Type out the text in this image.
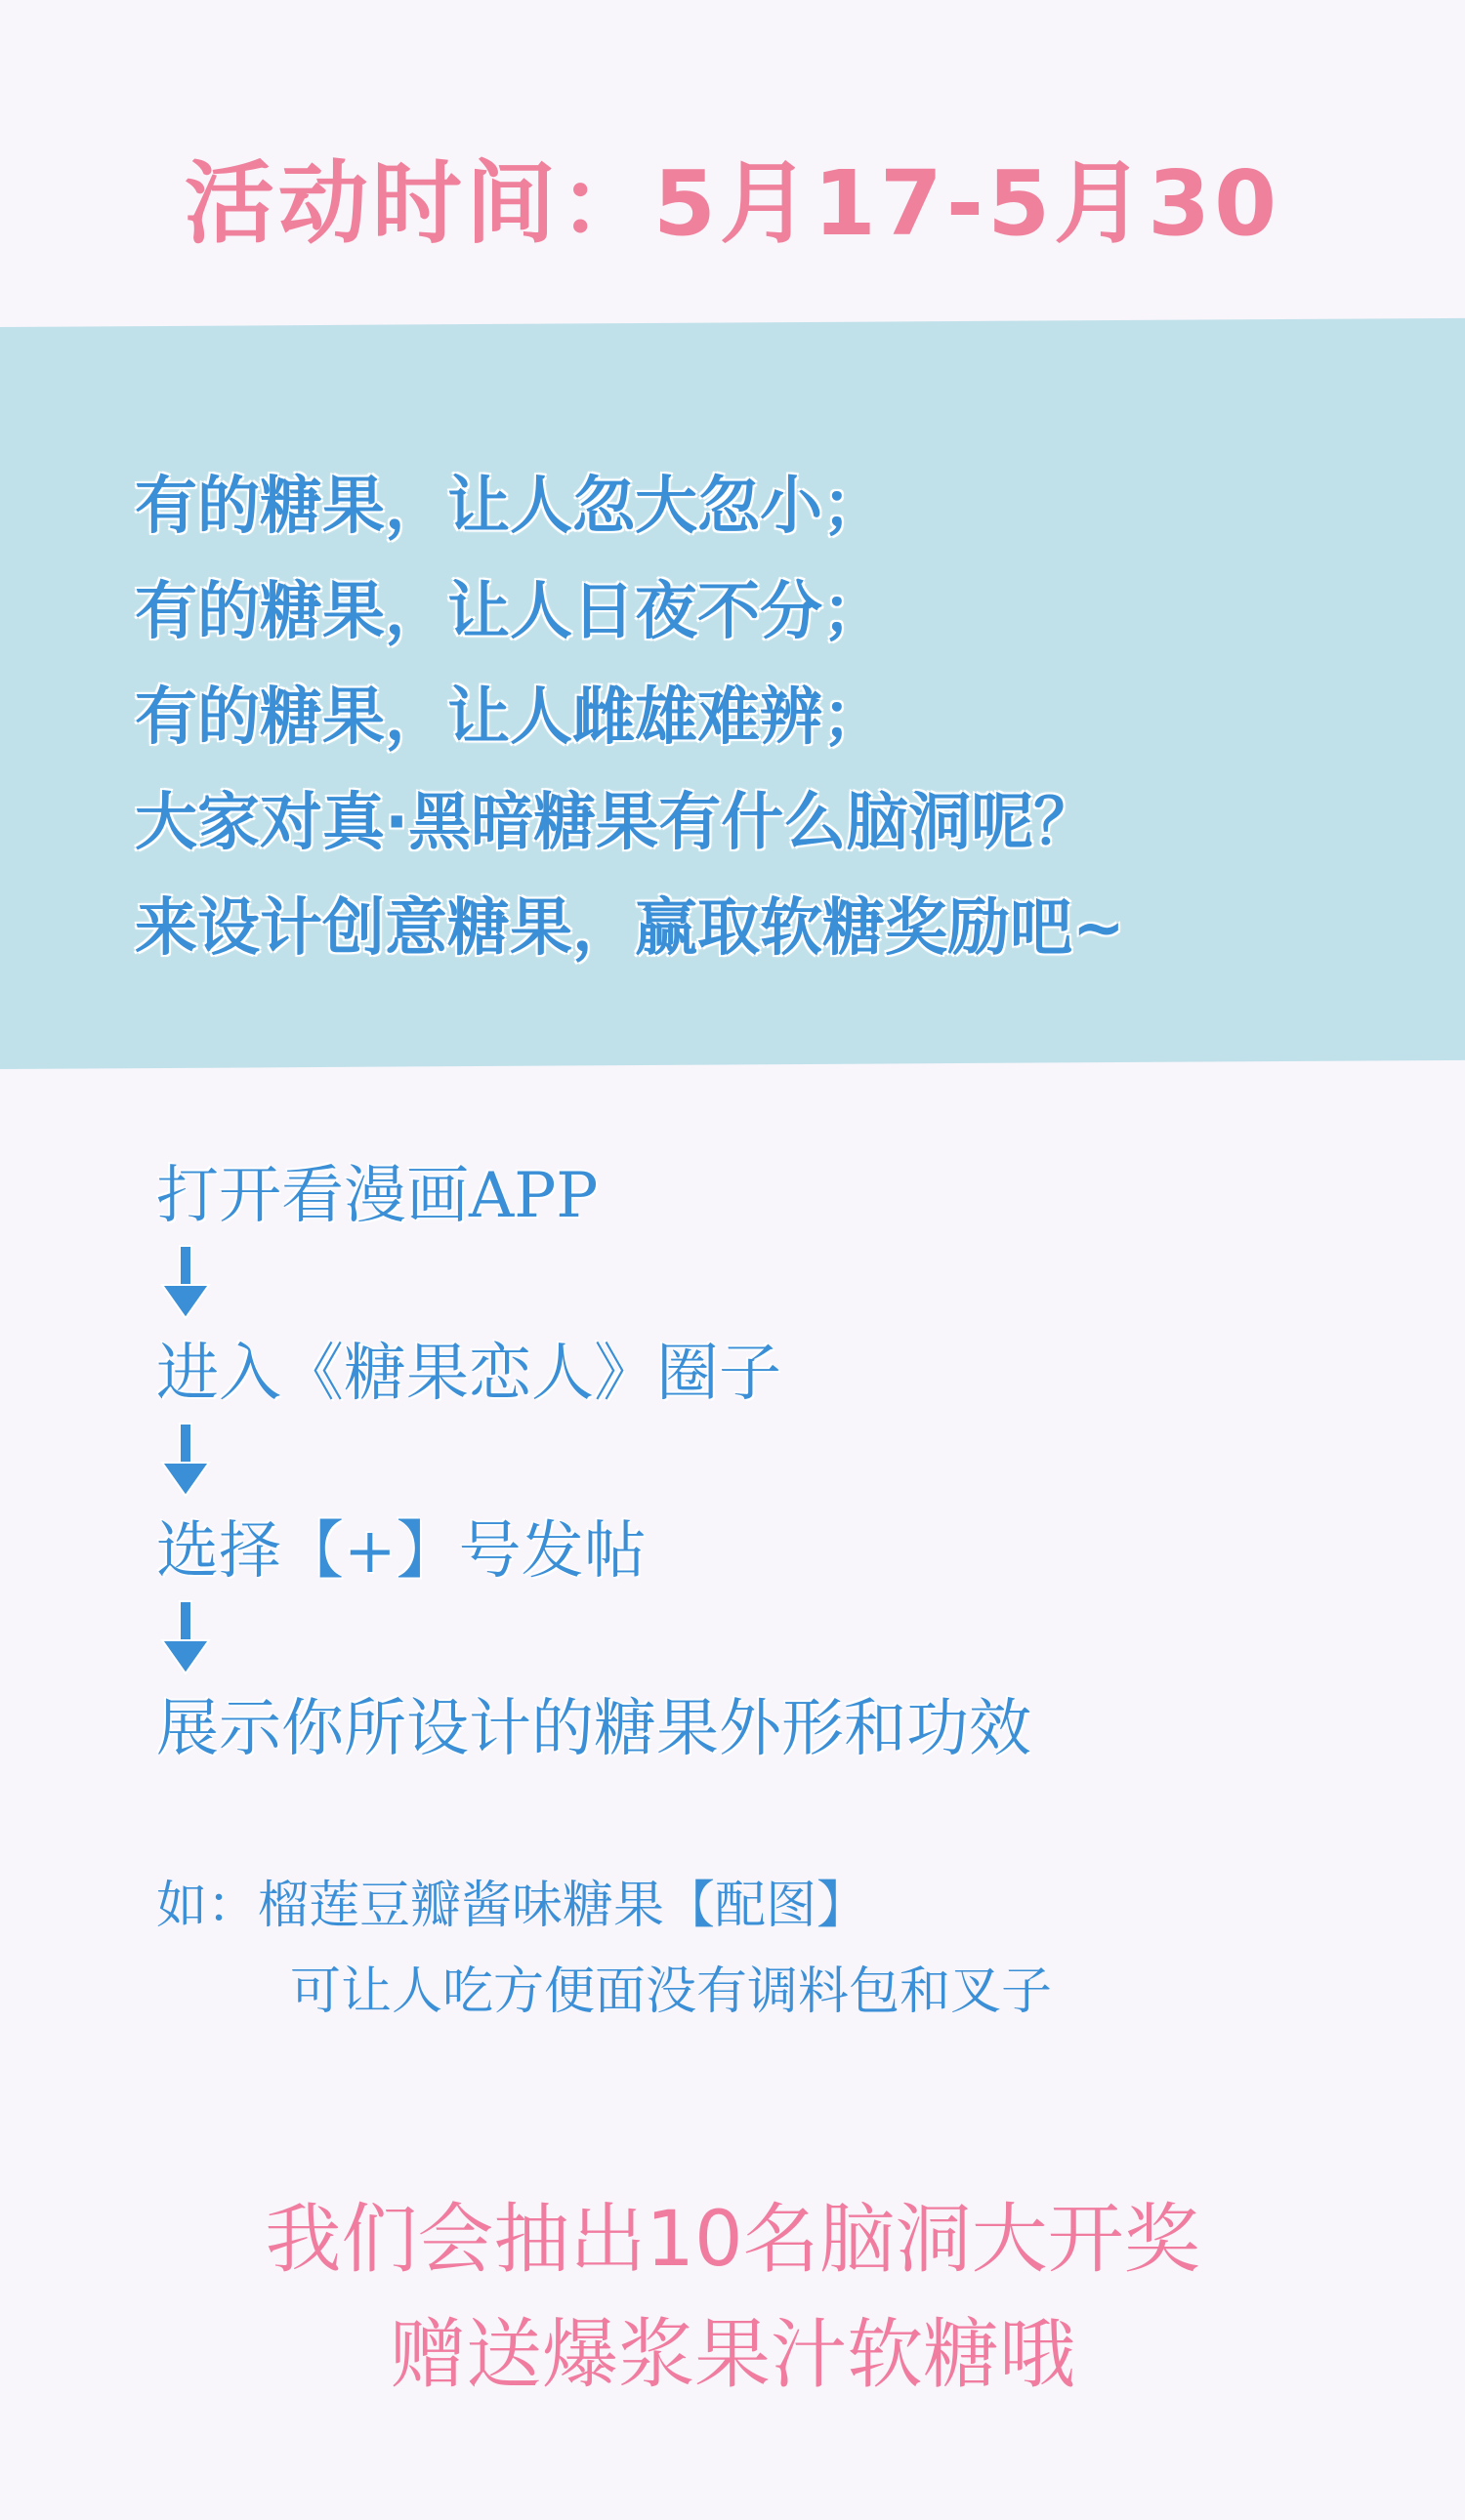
活动时间：5月17-5月30
有的糖果，让人忽大忽小；
有的糖果，让人日夜不分；
有的糖果，让人雌雄难辨；
大家对真·黑暗糖果有什么脑洞呢？
来设计创意糖果，赢取软糖奖励吧~
打开看漫画APP
进入《糖果恋人》圈子
选择【+】号发帖
展示你所设计的糖果外形和功效
如：榴莲豆瓣酱味糖果【配图】
可让人吃方便面没有调料包和叉子
我们会抽出10名脑洞大开奖
赠送爆浆果汁软糖哦
